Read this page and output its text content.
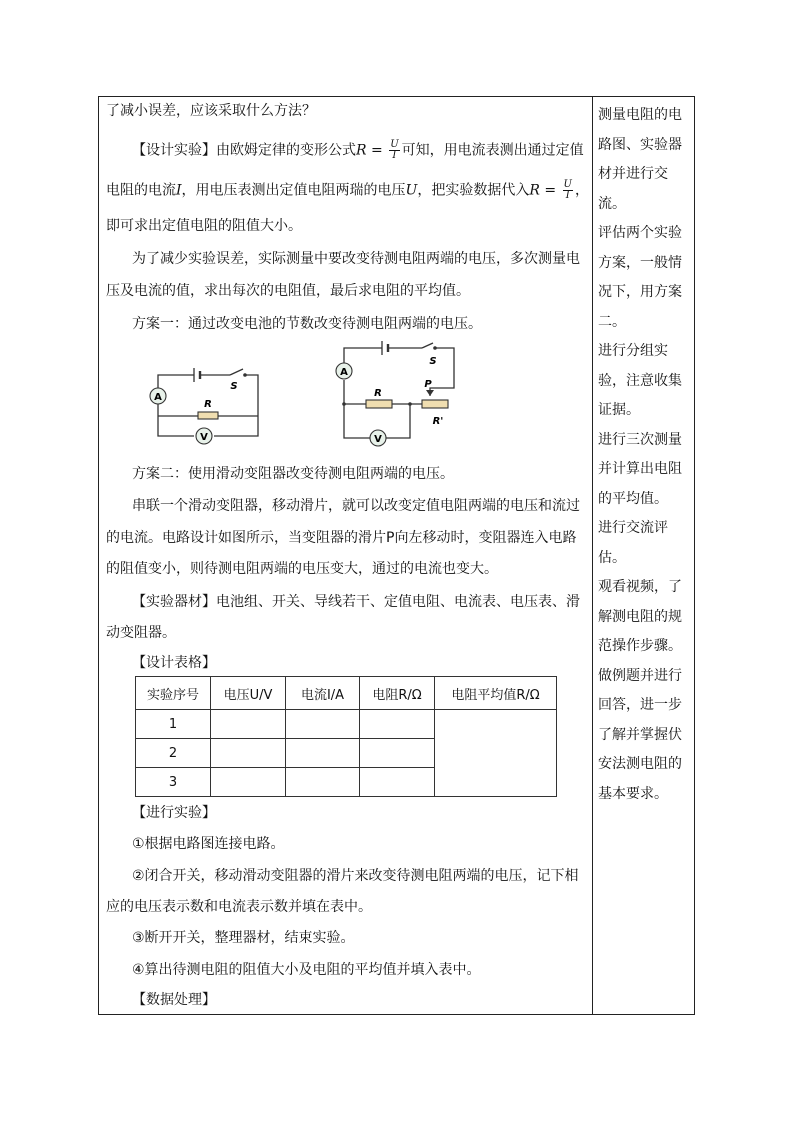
了减小误差，应该采取什么方法？
【设计实验】由欧姆定律的变形公式$R = \frac{U}{I}$ 可知，用电流表测出通过定值
电阻的电流I，用电压表测出定值电阻两瑞的电压U，把实验数据代入$R = \frac{U}{I}$ ，
即可求出定值电阻的阻值大小。
为了减少实验误差，实际测量中要改变待测电阻两端的电压，多次测量电
压及电流的值，求出每次的电阻值，最后求电阻的平均值。
方案一：通过改变电池的节数改变待测电阻两端的电压。
A
V
R
S
A
V
R
S
P
R'
方案二：使用滑动变阻器改变待测电阻两端的电压。
串联一个滑动变阻器，移动滑片，就可以改变定值电阻两端的电压和流过
的电流。电路设计如图所示，当变阻器的滑片P向左移动时，变阻器连入电路
的阻值变小，则待测电阻两端的电压变大，通过的电流也变大。
【实验器材】电池组、开关、导线若干、定值电阻、电流表、电压表、滑
动变阻器。
【设计表格】
实验序号	电压U/V	电流I/A	电阻R/Ω	电阻平均值R/Ω
1				
2				
3				
【进行实验】
①根据电路图连接电路。
②闭合开关，移动滑动变阻器的滑片来改变待测电阻两端的电压，记下相
应的电压表示数和电流表示数并填在表中。
③断开开关，整理器材，结束实验。
④算出待测电阻的阻值大小及电阻的平均值并填入表中。
【数据处理】
测量电阻的电
路图、实验器
材并进行交
流。
评估两个实验
方案，一般情
况下，用方案
二。
进行分组实
验，注意收集
证据。
进行三次测量
并计算出电阻
的平均值。
进行交流评
估。
观看视频，了
解测电阻的规
范操作步骤。
做例题并进行
回答，进一步
了解并掌握伏
安法测电阻的
基本要求。
